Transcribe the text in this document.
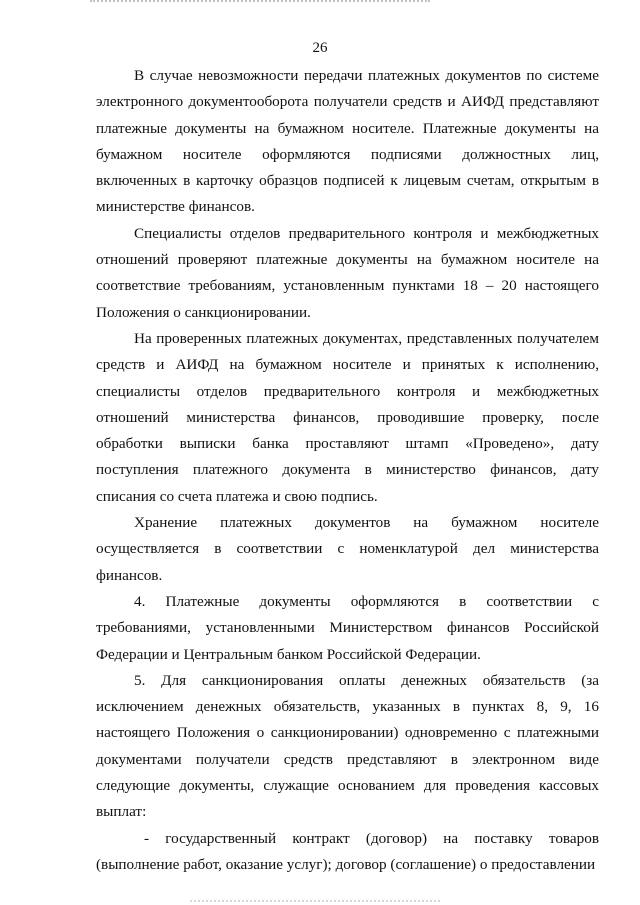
26

В случае невозможности передачи платежных документов по системе электронного документооборота получатели средств и АИФД представляют платежные документы на бумажном носителе. Платежные документы на бумажном носителе оформляются подписями должностных лиц, включенных в карточку образцов подписей к лицевым счетам, открытым в министерстве финансов.

Специалисты отделов предварительного контроля и межбюджетных отношений проверяют платежные документы на бумажном носителе на соответствие требованиям, установленным пунктами 18 – 20 настоящего Положения о санкционировании.

На проверенных платежных документах, представленных получателем средств и АИФД на бумажном носителе и принятых к исполнению, специалисты отделов предварительного контроля и межбюджетных отношений министерства финансов, проводившие проверку, после обработки выписки банка проставляют штамп «Проведено», дату поступления платежного документа в министерство финансов, дату списания со счета платежа и свою подпись.

Хранение платежных документов на бумажном носителе осуществляется в соответствии с номенклатурой дел министерства финансов.

4. Платежные документы оформляются в соответствии с требованиями, установленными Министерством финансов Российской Федерации и Центральным банком Российской Федерации.

5. Для санкционирования оплаты денежных обязательств (за исключением денежных обязательств, указанных в пунктах 8, 9, 16 настоящего Положения о санкционировании) одновременно с платежными документами получатели средств представляют в электронном виде следующие документы, служащие основанием для проведения кассовых выплат:

- государственный контракт (договор) на поставку товаров (выполнение работ, оказание услуг); договор (соглашение) о предоставлении
